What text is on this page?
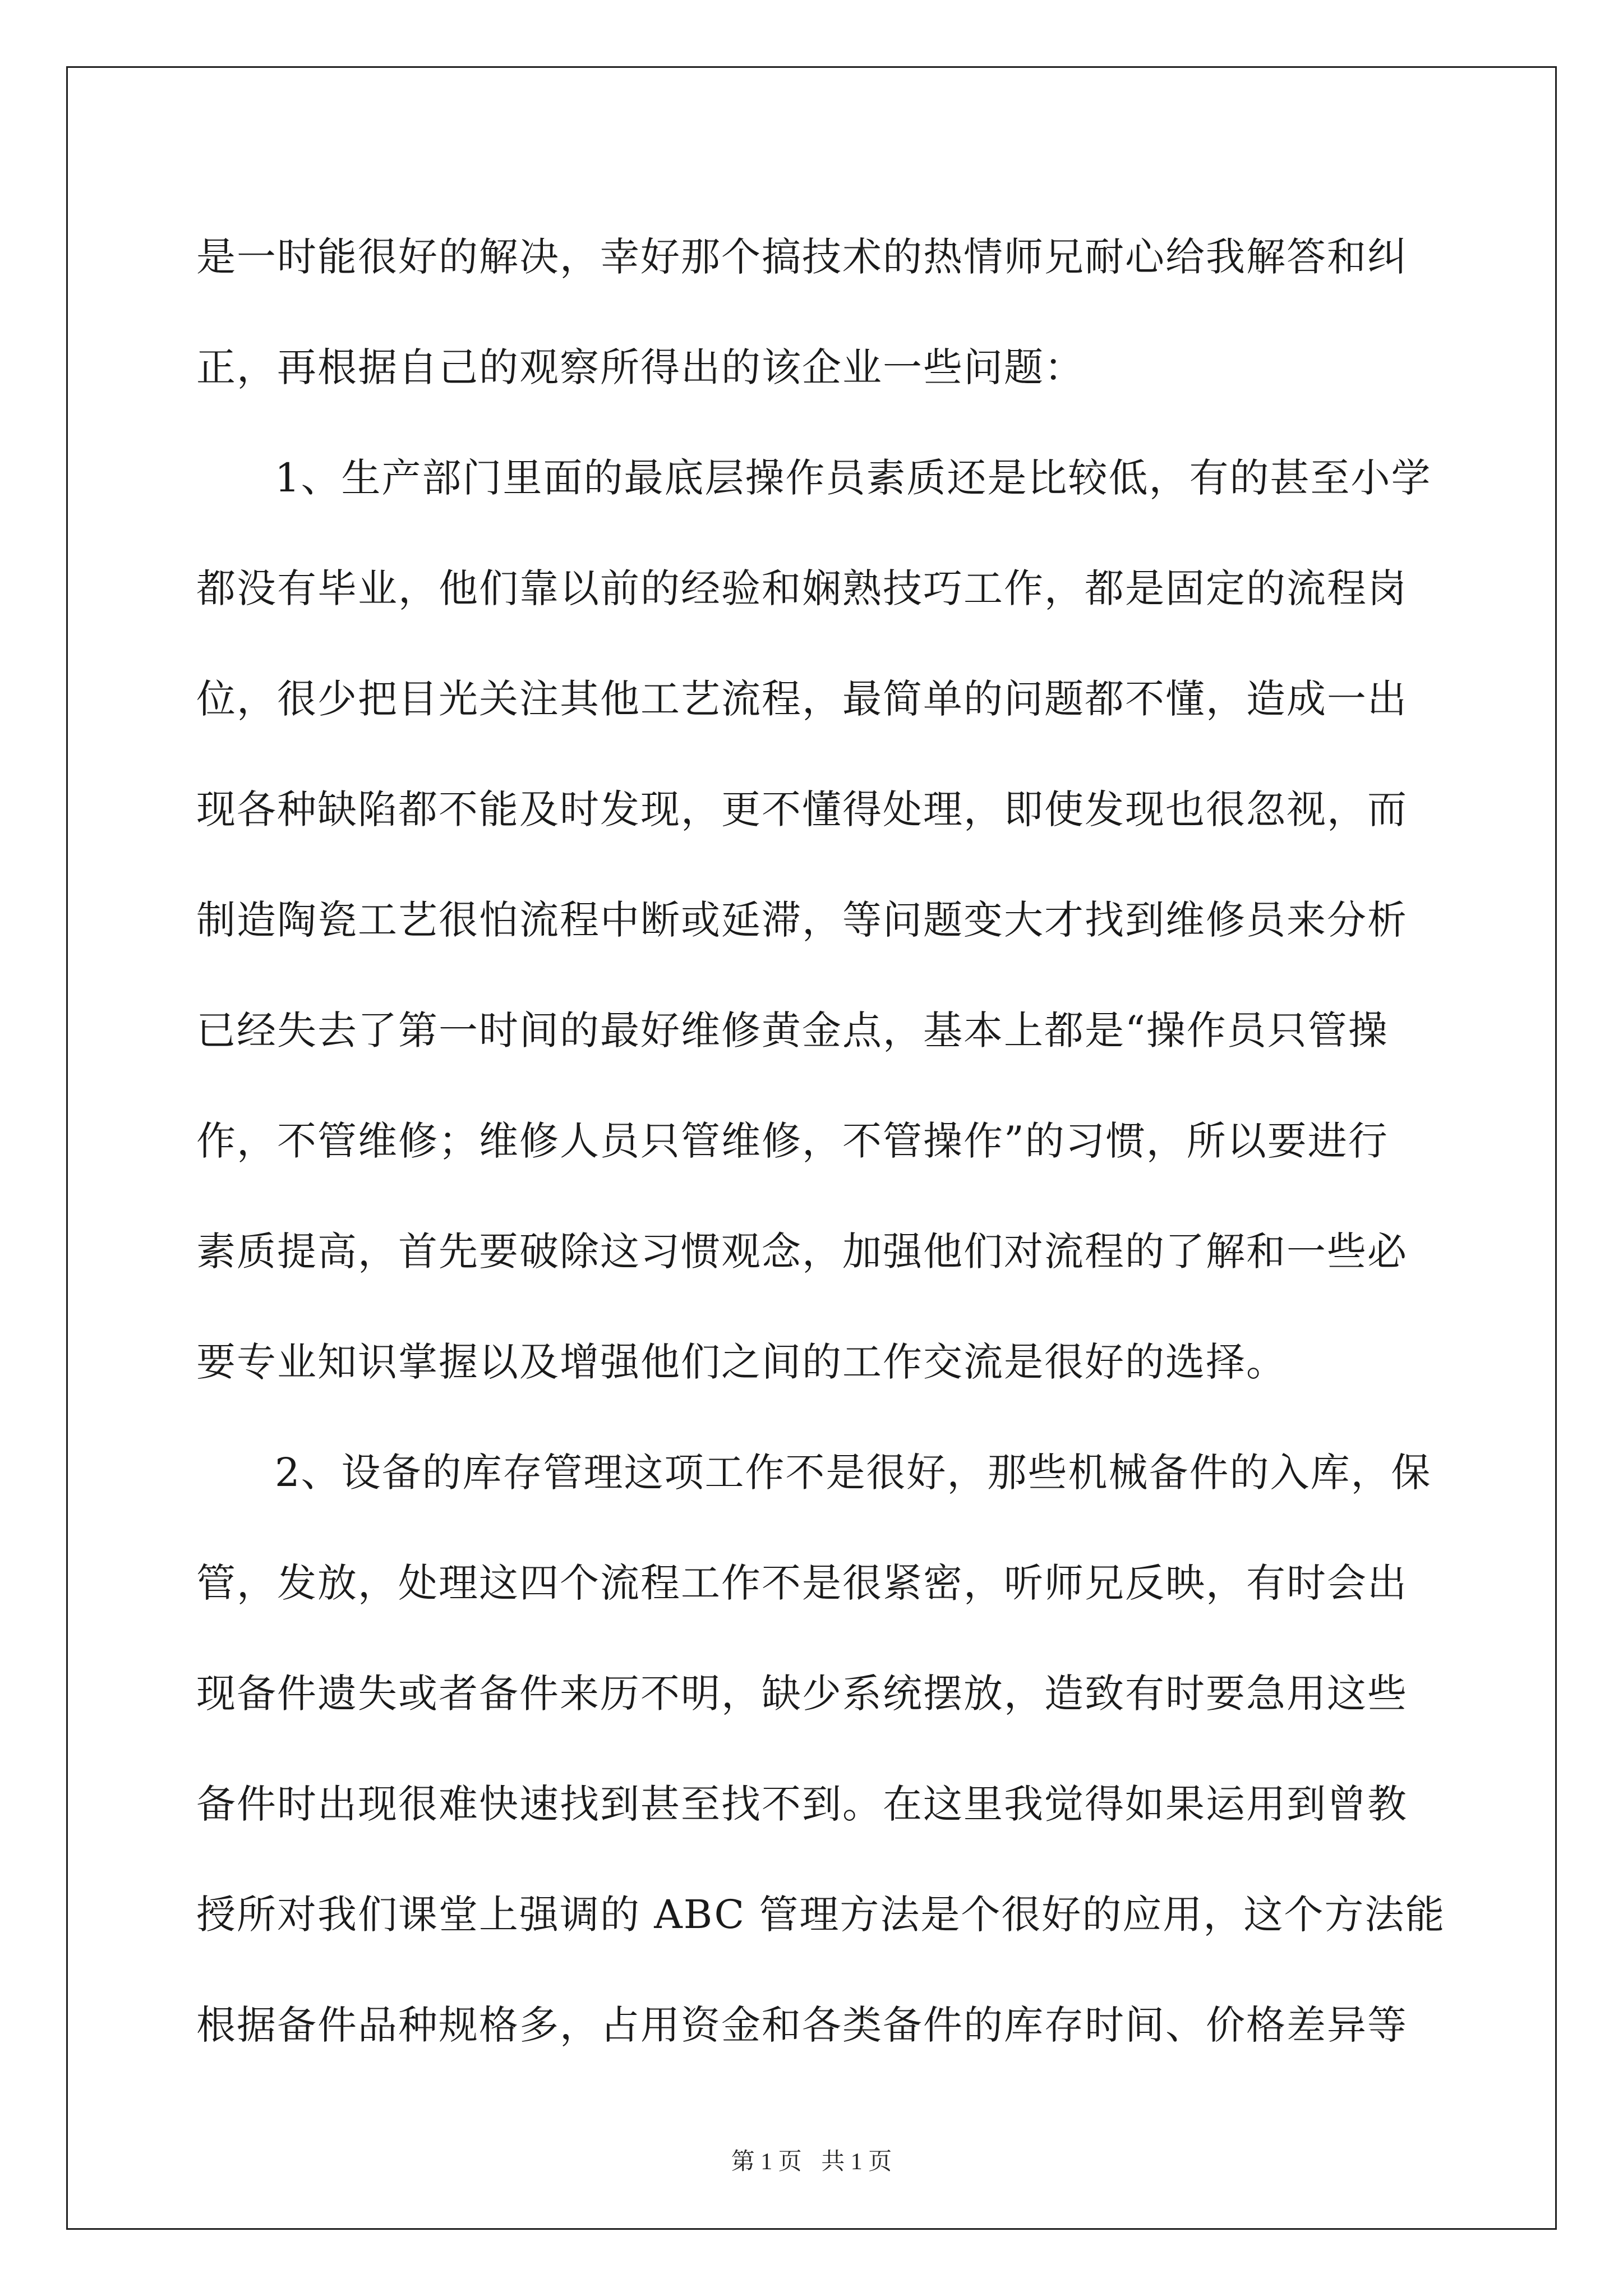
是一时能很好的解决，幸好那个搞技术的热情师兄耐心给我解答和纠
正，再根据自己的观察所得出的该企业一些问题：
1、生产部门里面的最底层操作员素质还是比较低，有的甚至小学
都没有毕业，他们靠以前的经验和娴熟技巧工作，都是固定的流程岗
位，很少把目光关注其他工艺流程，最简单的问题都不懂，造成一出
现各种缺陷都不能及时发现，更不懂得处理，即使发现也很忽视，而
制造陶瓷工艺很怕流程中断或延滞，等问题变大才找到维修员来分析
已经失去了第一时间的最好维修黄金点，基本上都是“操作员只管操
作，不管维修；维修人员只管维修，不管操作”的习惯，所以要进行
素质提高，首先要破除这习惯观念，加强他们对流程的了解和一些必
要专业知识掌握以及增强他们之间的工作交流是很好的选择。
2、设备的库存管理这项工作不是很好，那些机械备件的入库，保
管，发放，处理这四个流程工作不是很紧密，听师兄反映，有时会出
现备件遗失或者备件来历不明，缺少系统摆放，造致有时要急用这些
备件时出现很难快速找到甚至找不到。在这里我觉得如果运用到曾教
授所对我们课堂上强调的 ABC 管理方法是个很好的应用，这个方法能
根据备件品种规格多，占用资金和各类备件的库存时间、价格差异等
第 1 页 共 1 页
